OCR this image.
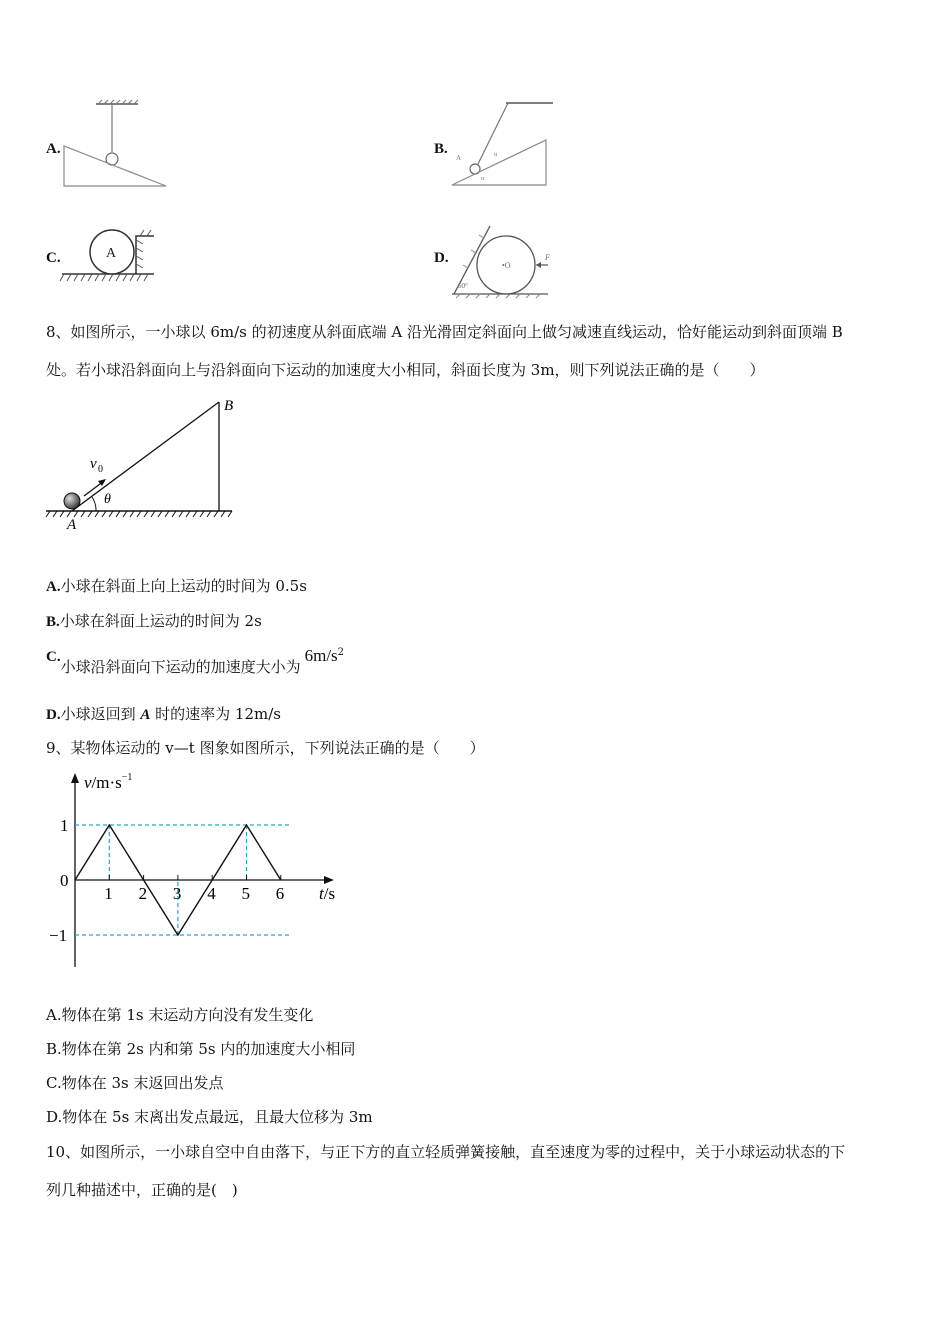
A.	B.
A	α
α
C.	A	D.	•O
F
60°
8、如图所示，一小球以 6m/s 的初速度从斜面底端 A 沿光滑固定斜面向上做匀减速直线运动，恰好能运动到斜面顶端 B
处。若小球沿斜面向上与沿斜面向下运动的加速度大小相同，斜面长度为 3m，则下列说法正确的是（　　）
A
B
v 0
θ
A.小球在斜面上向上运动的时间为 0.5s
B.小球在斜面上运动的时间为 2s
C.小球沿斜面向下运动的加速度大小为$6m/s^2$
D.小球返回到 A 时的速率为 12m/s
9、某物体运动的 v—t 图象如图所示，下列说法正确的是（　　）
1 2 3 4 5 6
1
0
−1
$v/m\cdot s^{-1}$
t/s
A.物体在第 1s 末运动方向没有发生变化
B.物体在第 2s 内和第 5s 内的加速度大小相同
C.物体在 3s 末返回出发点
D.物体在 5s 末离出发点最远，且最大位移为 3m
10、如图所示，一小球自空中自由落下，与正下方的直立轻质弹簧接触，直至速度为零的过程中，关于小球运动状态的下
列几种描述中，正确的是(　)
